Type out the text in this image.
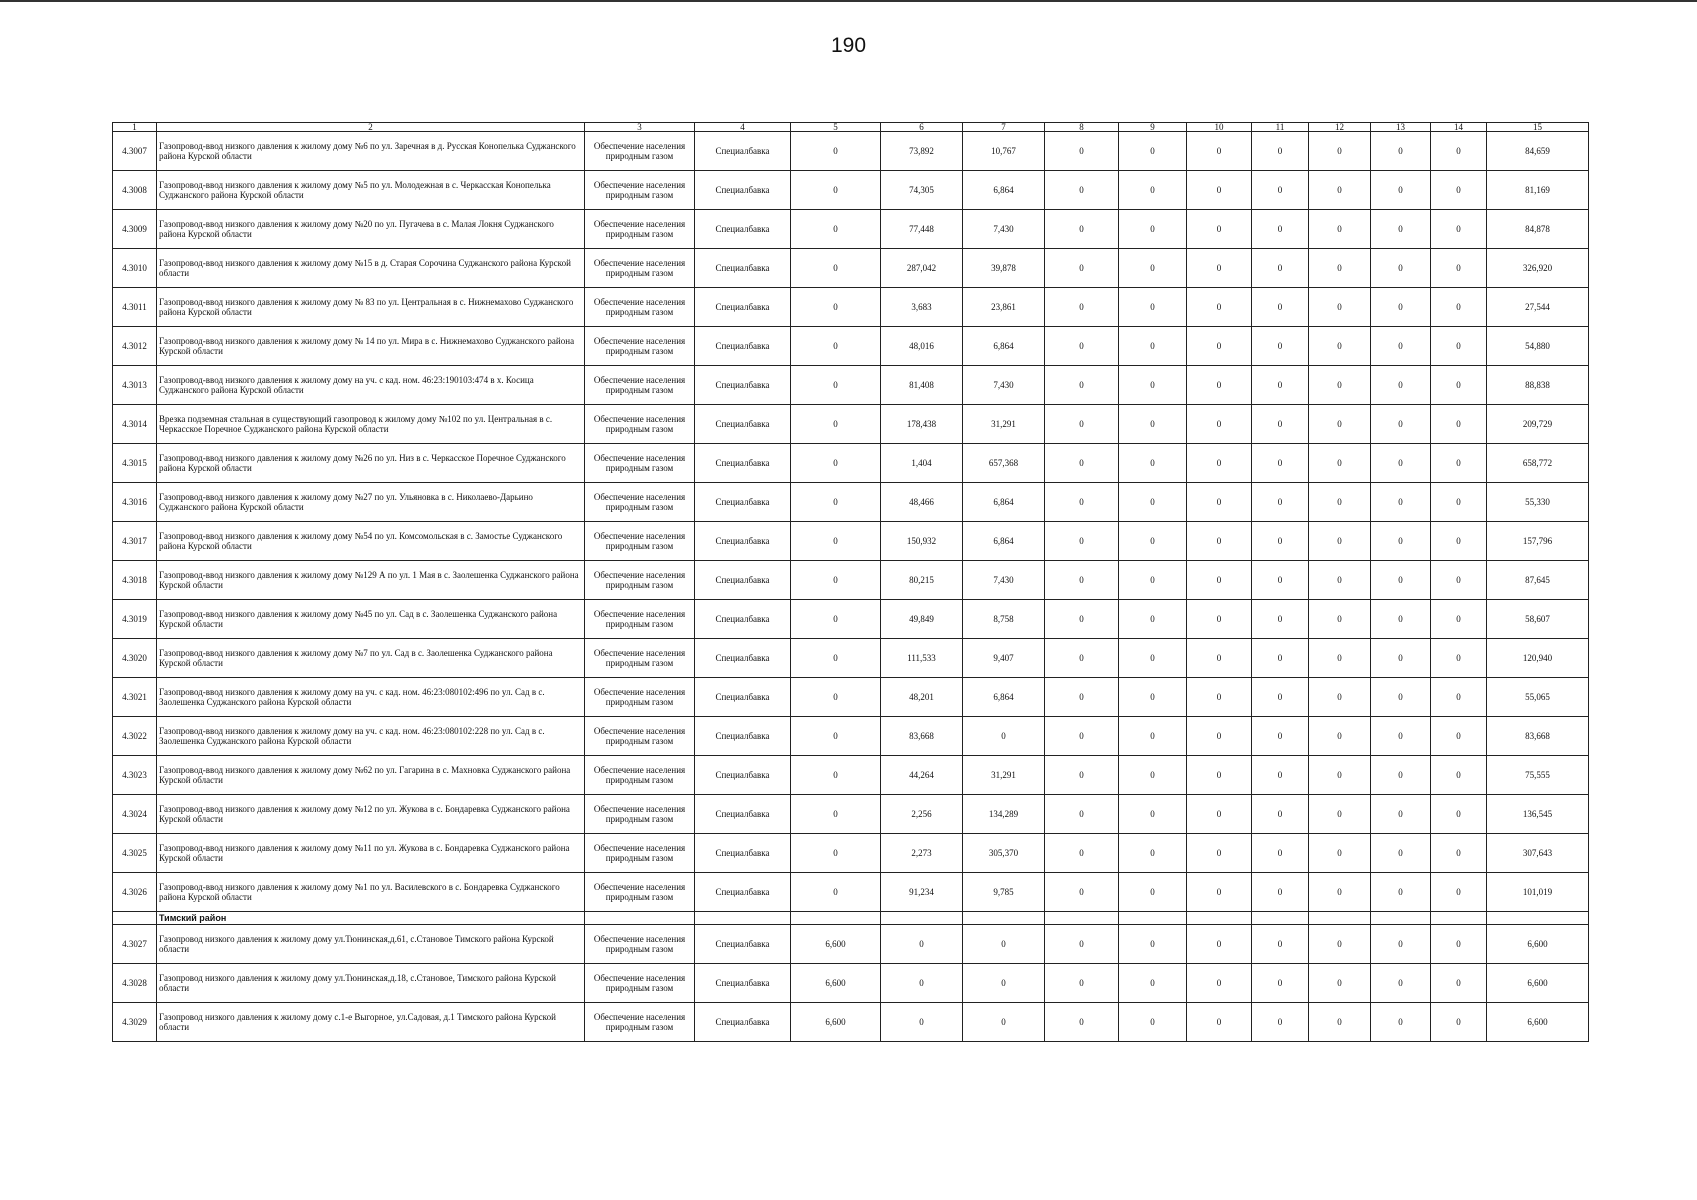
190
1	2	3	4	5	6	7	8	9	10	11	12	13	14	15
4.3007	Газопровод-ввод низкого давления к жилому дому №6 по ул. Заречная в д. Русская Конопелька Суджанского района Курской области	Обеспечение населения природным газом	Специалбавка	0	73,892	10,767	0	0	0	0	0	0	0	84,659
4.3008	Газопровод-ввод низкого давления к жилому дому №5 по ул. Молодежная в с. Черкасская Конопелька Суджанского района Курской области	Обеспечение населения природным газом	Специалбавка	0	74,305	6,864	0	0	0	0	0	0	0	81,169
4.3009	Газопровод-ввод низкого давления к жилому дому №20 по ул. Пугачева в с. Малая Локня Суджанского района Курской области	Обеспечение населения природным газом	Специалбавка	0	77,448	7,430	0	0	0	0	0	0	0	84,878
4.3010	Газопровод-ввод низкого давления к жилому дому №15 в д. Старая Сорочина Суджанского района Курской области	Обеспечение населения природным газом	Специалбавка	0	287,042	39,878	0	0	0	0	0	0	0	326,920
4.3011	Газопровод-ввод низкого давления к жилому дому № 83 по ул. Центральная в с. Нижнемахово Суджанского района Курской области	Обеспечение населения природным газом	Специалбавка	0	3,683	23,861	0	0	0	0	0	0	0	27,544
4.3012	Газопровод-ввод низкого давления к жилому дому № 14 по ул. Мира в с. Нижнемахово Суджанского района Курской области	Обеспечение населения природным газом	Специалбавка	0	48,016	6,864	0	0	0	0	0	0	0	54,880
4.3013	Газопровод-ввод низкого давления к жилому дому на уч. с кад. ном. 46:23:190103:474 в х. Косица Суджанского района Курской области	Обеспечение населения природным газом	Специалбавка	0	81,408	7,430	0	0	0	0	0	0	0	88,838
4.3014	Врезка подземная стальная в существующий газопровод к жилому дому №102 по ул. Центральная в с. Черкасское Поречное Суджанского района Курской области	Обеспечение населения природным газом	Специалбавка	0	178,438	31,291	0	0	0	0	0	0	0	209,729
4.3015	Газопровод-ввод низкого давления к жилому дому №26 по ул. Низ в с. Черкасское Поречное Суджанского района Курской области	Обеспечение населения природным газом	Специалбавка	0	1,404	657,368	0	0	0	0	0	0	0	658,772
4.3016	Газопровод-ввод низкого давления к жилому дому №27 по ул. Ульяновка в с. Николаево-Дарьино Суджанского района Курской области	Обеспечение населения природным газом	Специалбавка	0	48,466	6,864	0	0	0	0	0	0	0	55,330
4.3017	Газопровод-ввод низкого давления к жилому дому №54 по ул. Комсомольская в с. Замостье Суджанского района Курской области	Обеспечение населения природным газом	Специалбавка	0	150,932	6,864	0	0	0	0	0	0	0	157,796
4.3018	Газопровод-ввод низкого давления к жилому дому №129 А по ул. 1 Мая в с. Заолешенка Суджанского района Курской области	Обеспечение населения природным газом	Специалбавка	0	80,215	7,430	0	0	0	0	0	0	0	87,645
4.3019	Газопровод-ввод низкого давления к жилому дому №45 по ул. Сад в с. Заолешенка Суджанского района Курской области	Обеспечение населения природным газом	Специалбавка	0	49,849	8,758	0	0	0	0	0	0	0	58,607
4.3020	Газопровод-ввод низкого давления к жилому дому №7 по ул. Сад в с. Заолешенка Суджанского района Курской области	Обеспечение населения природным газом	Специалбавка	0	111,533	9,407	0	0	0	0	0	0	0	120,940
4.3021	Газопровод-ввод низкого давления к жилому дому на уч. с кад. ном. 46:23:080102:496 по ул. Сад в с. Заолешенка Суджанского района Курской области	Обеспечение населения природным газом	Специалбавка	0	48,201	6,864	0	0	0	0	0	0	0	55,065
4.3022	Газопровод-ввод низкого давления к жилому дому на уч. с кад. ном. 46:23:080102:228 по ул. Сад в с. Заолешенка Суджанского района Курской области	Обеспечение населения природным газом	Специалбавка	0	83,668	0	0	0	0	0	0	0	0	83,668
4.3023	Газопровод-ввод низкого давления к жилому дому №62 по ул. Гагарина в с. Махновка Суджанского района Курской области	Обеспечение населения природным газом	Специалбавка	0	44,264	31,291	0	0	0	0	0	0	0	75,555
4.3024	Газопровод-ввод низкого давления к жилому дому №12 по ул. Жукова в с. Бондаревка Суджанского района Курской области	Обеспечение населения природным газом	Специалбавка	0	2,256	134,289	0	0	0	0	0	0	0	136,545
4.3025	Газопровод-ввод низкого давления к жилому дому №11 по ул. Жукова в с. Бондаревка Суджанского района Курской области	Обеспечение населения природным газом	Специалбавка	0	2,273	305,370	0	0	0	0	0	0	0	307,643
4.3026	Газопровод-ввод низкого давления к жилому дому №1 по ул. Василевского в с. Бондаревка Суджанского района Курской области	Обеспечение населения природным газом	Специалбавка	0	91,234	9,785	0	0	0	0	0	0	0	101,019
	Тимский район													
4.3027	Газопровод низкого давления к жилому дому ул.Тюнинская,д.61, с.Становое Тимского района Курской области	Обеспечение населения природным газом	Специалбавка	6,600	0	0	0	0	0	0	0	0	0	6,600
4.3028	Газопровод низкого давления к жилому дому ул.Тюнинская,д.18, с.Становое, Тимского района Курской области	Обеспечение населения природным газом	Специалбавка	6,600	0	0	0	0	0	0	0	0	0	6,600
4.3029	Газопровод низкого давления к жилому дому с.1-е Выгорное, ул.Садовая, д.1 Тимского района Курской области	Обеспечение населения природным газом	Специалбавка	6,600	0	0	0	0	0	0	0	0	0	6,600
